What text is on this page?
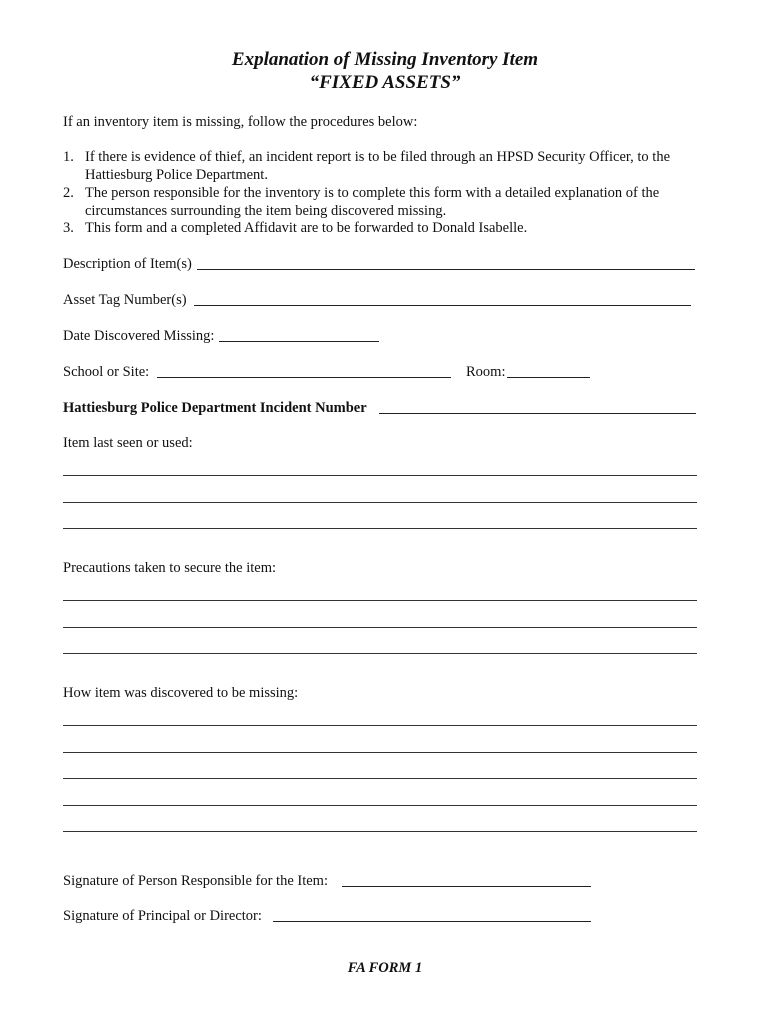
Explanation of Missing Inventory Item
“FIXED ASSETS”
If an inventory item is missing, follow the procedures below:
1. If there is evidence of thief, an incident report is to be filed through an HPSD Security Officer, to the Hattiesburg Police Department.
2. The person responsible for the inventory is to complete this form with a detailed explanation of the circumstances surrounding the item being discovered missing.
3. This form and a completed Affidavit are to be forwarded to Donald Isabelle.
Description of Item(s)
Asset Tag Number(s)
Date Discovered Missing:
School or Site:	Room:
Hattiesburg Police Department Incident Number
Item last seen or used:
Precautions taken to secure the item:
How item was discovered to be missing:
Signature of Person Responsible for the Item:
Signature of Principal or Director:
FA FORM 1
